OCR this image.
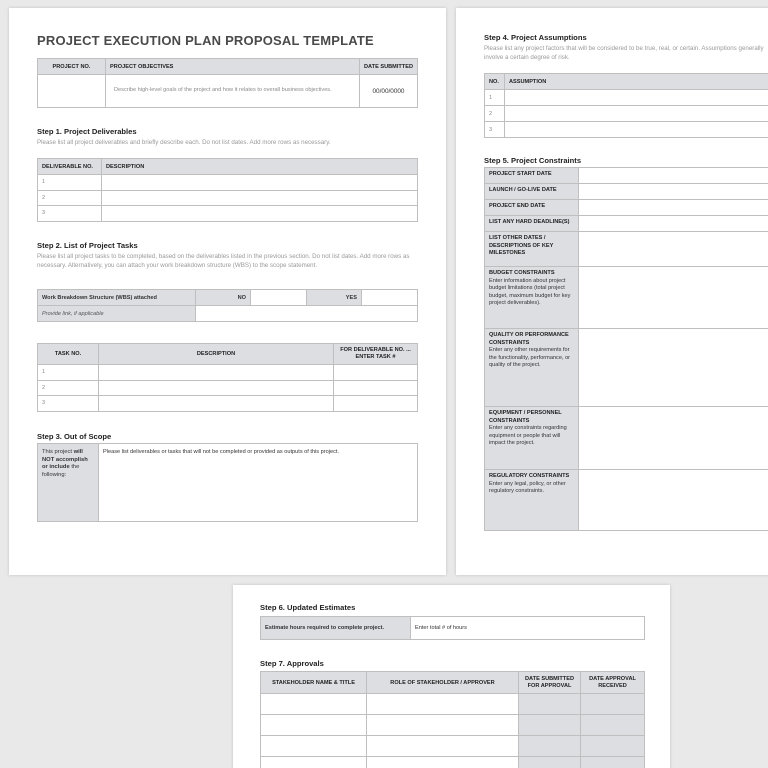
PROJECT EXECUTION PLAN PROPOSAL TEMPLATE
PROJECT NO.	PROJECT OBJECTIVES	DATE SUBMITTED
	Describe high-level goals of the project and how it relates to overall business objectives.	00/00/0000
Step 1. Project Deliverables
Please list all project deliverables and briefly describe each. Do not list dates. Add more rows as necessary.
DELIVERABLE NO.	DESCRIPTION
1	
2	
3	
Step 2. List of Project Tasks
Please list all project tasks to be completed, based on the deliverables listed in the previous section. Do not list dates. Add more rows as necessary. Alternatively, you can attach your work breakdown structure (WBS) to the scope statement.
Work Breakdown Structure (WBS) attached	NO		YES	
Provide link, if applicable				
TASK NO.	DESCRIPTION	FOR DELIVERABLE NO. ... ENTER TASK #
1		
2		
3		
Step 3. Out of Scope
This project will NOT accomplish or include the following:	Please list deliverables or tasks that will not be completed or provided as outputs of this project.
Step 4. Project Assumptions
Please list any project factors that will be considered to be true, real, or certain. Assumptions generally involve a certain degree of risk.
NO.	ASSUMPTION
1	
2	
3	
Step 5. Project Constraints
PROJECT START DATE	
LAUNCH / GO-LIVE DATE	
PROJECT END DATE	
LIST ANY HARD DEADLINE(S)	
LIST OTHER DATES / DESCRIPTIONS OF KEY MILESTONES	
BUDGET CONSTRAINTS
Enter information about project budget limitations (total project budget, maximum budget for key project deliverables).	
QUALITY OR PERFORMANCE CONSTRAINTS
Enter any other requirements for the functionality, performance, or quality of the project.	
EQUIPMENT / PERSONNEL CONSTRAINTS
Enter any constraints regarding equipment or people that will impact the project.	
REGULATORY CONSTRAINTS
Enter any legal, policy, or other regulatory constraints.	
Step 6. Updated Estimates
Estimate hours required to complete project.	Enter total # of hours
Step 7. Approvals
STAKEHOLDER NAME & TITLE	ROLE OF STAKEHOLDER / APPROVER	DATE SUBMITTED FOR APPROVAL	DATE APPROVAL RECEIVED
